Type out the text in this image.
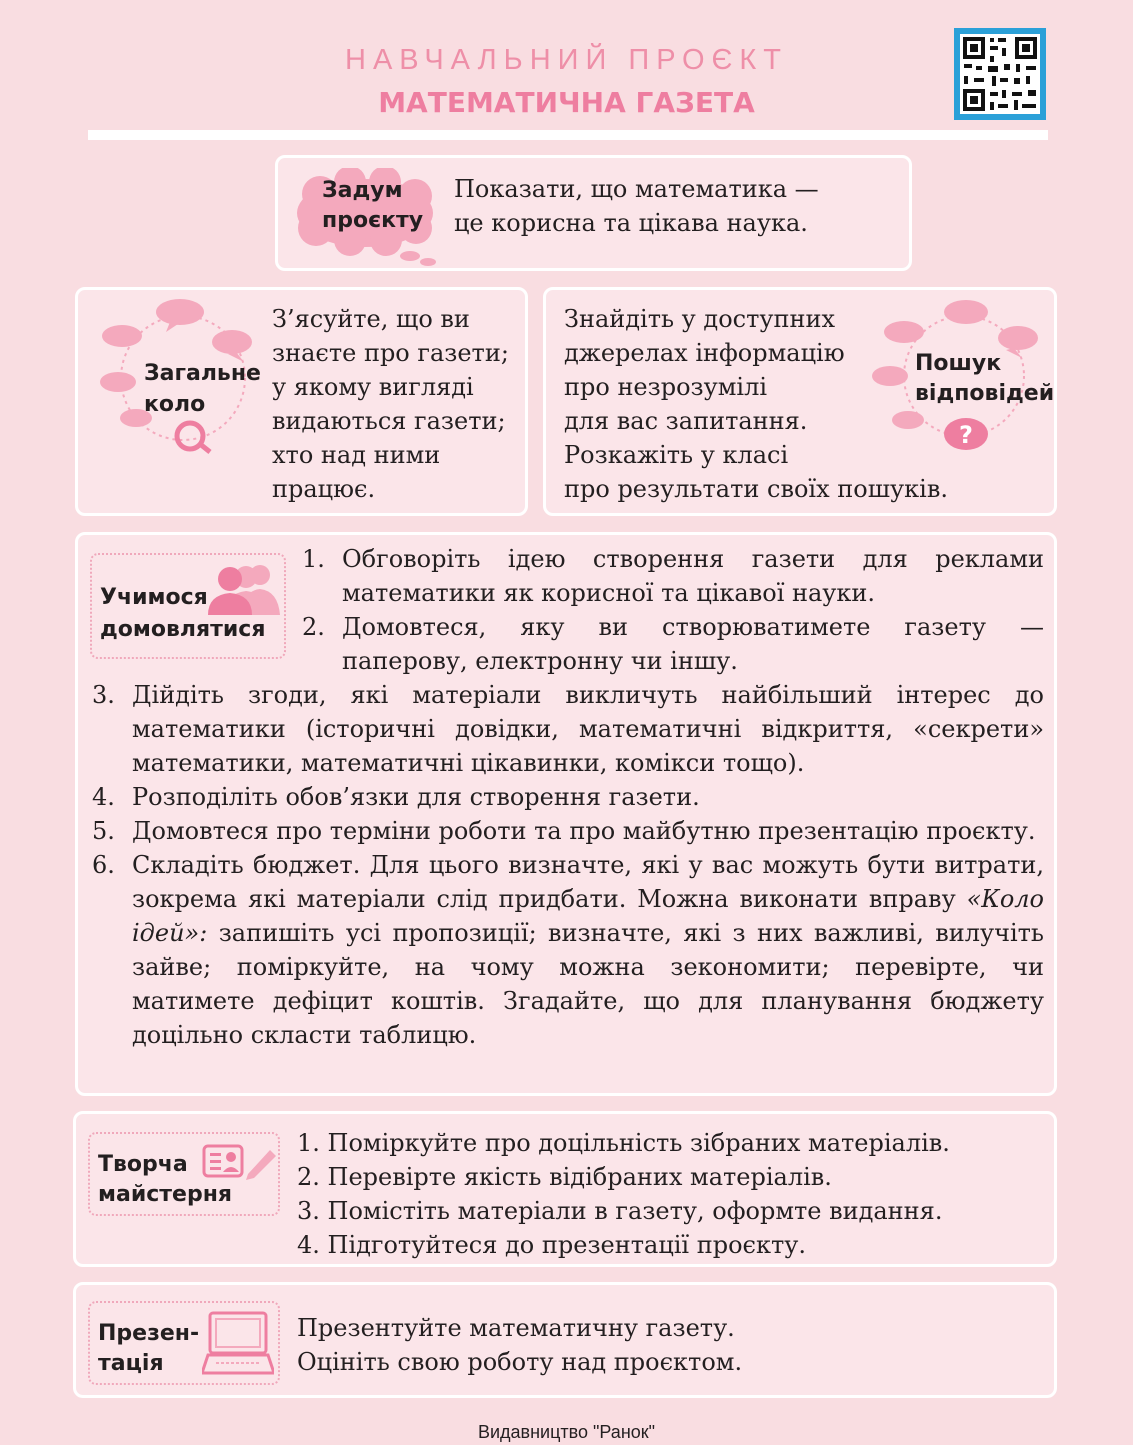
НАВЧАЛЬНИЙ ПРОЄКТ
МАТЕМАТИЧНА ГАЗЕТА
Задум
проєкту
Показати, що математика —
це корисна та цікава наука.
Загальне
коло
З’ясуйте, що ви
знаєте про газети;
у якому вигляді
видаються газети;
хто над ними
працює.
?
Пошук
відповідей
Знайдіть у доступних
джерелах інформацію
про незрозумілі
для вас запитання.
Розкажіть у класі
про результати своїх пошуків.
Учимося
домовлятися
1. Обговоріть ідею створення газети для реклами математики як корисної та цікавої науки.
2. Домовтеся, яку ви створюватимете газету — паперову, електронну чи іншу.
3. Дійдіть згоди, які матеріали викличуть найбільший інтерес до математики (історичні довідки, математичні відкриття, «секрети» математики, математичні цікавинки, комікси тощо).
4. Розподіліть обов’язки для створення газети.
5. Домовтеся про терміни роботи та про майбутню презентацію проєкту.
6. Складіть бюджет. Для цього визначте, які у вас можуть бути витрати, зокрема які матеріали слід придбати. Можна виконати вправу «Коло ідей»: запишіть усі пропозиції; визначте, які з них важливі, вилучіть зайве; поміркуйте, на чому можна зекономити; перевірте, чи матимете дефіцит коштів. Згадайте, що для планування бюджету доцільно скласти таблицю.
Творча
майстерня
1. Поміркуйте про доцільність зібраних матеріалів.
2. Перевірте якість відібраних матеріалів.
3. Помістіть матеріали в газету, оформте видання.
4. Підготуйтеся до презентації проєкту.
Презен-
тація
Презентуйте математичну газету.
Оцініть свою роботу над проєктом.
Видавництво "Ранок"
